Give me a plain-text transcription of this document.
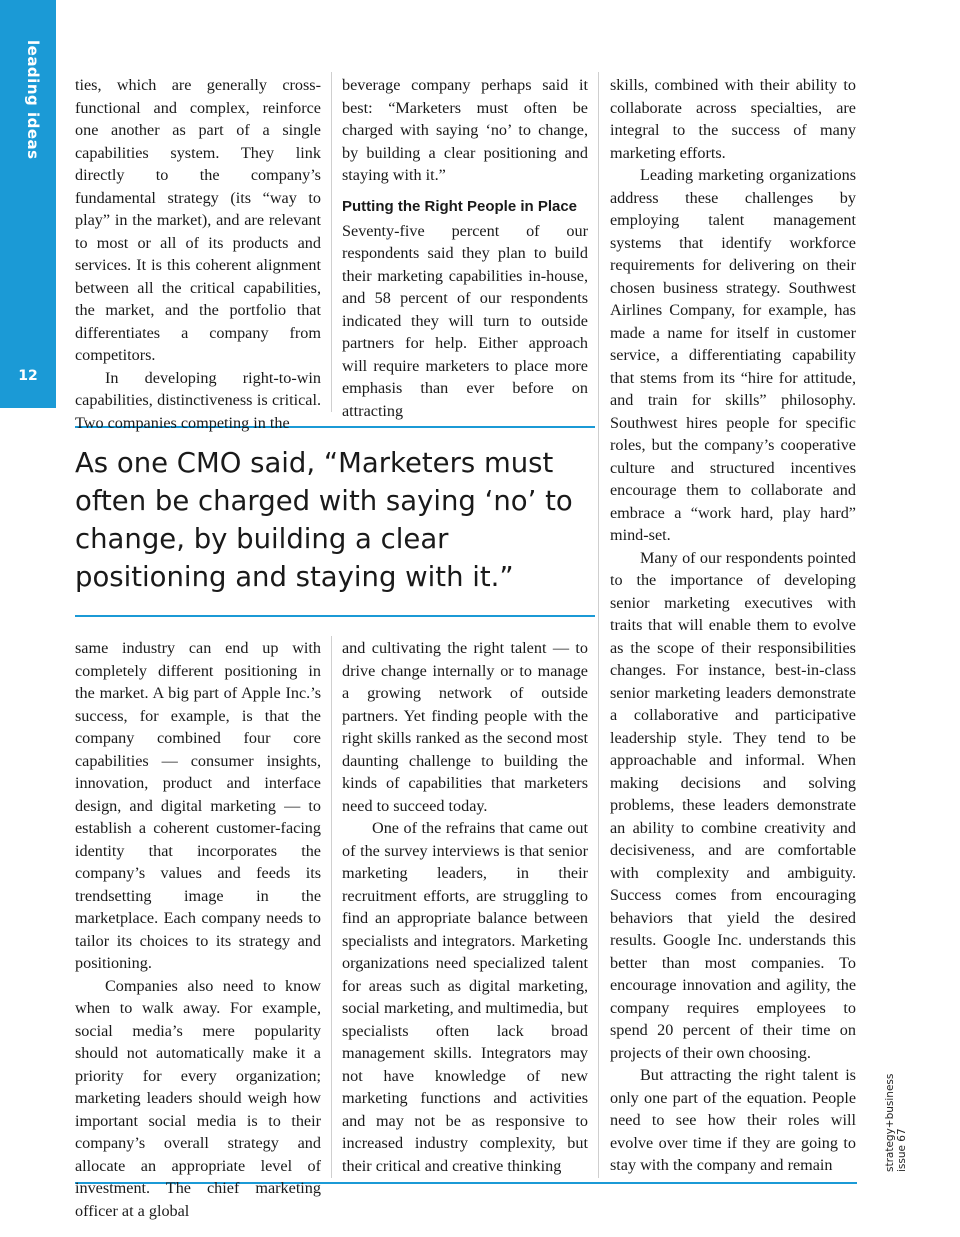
leading ideas
12

ties, which are generally cross-functional and complex, reinforce one another as part of a single capabilities system. They link directly to the company’s fundamental strategy (its “way to play” in the market), and are relevant to most or all of its products and services. It is this coherent alignment between all the critical capabilities, the market, and the portfolio that differentiates a company from competitors.

In developing right-to-win capabilities, distinctiveness is critical. Two companies competing in the

beverage company perhaps said it best: “Marketers must often be charged with saying ‘no’ to change, by building a clear positioning and staying with it.”

Putting the Right People in Place

Seventy-five percent of our respondents said they plan to build their marketing capabilities in-house, and 58 percent of our respondents indicated they will turn to outside partners for help. Either approach will require marketers to place more emphasis than ever before on attracting

As one CMO said, “Marketers must often be charged with saying ‘no’ to change, by building a clear positioning and staying with it.”

same industry can end up with completely different positioning in the market. A big part of Apple Inc.’s success, for example, is that the company combined four core capabilities — consumer insights, innovation, product and interface design, and digital marketing — to establish a coherent customer-facing identity that incorporates the company’s values and feeds its trendsetting image in the marketplace. Each company needs to tailor its choices to its strategy and positioning.

Companies also need to know when to walk away. For example, social media’s mere popularity should not automatically make it a priority for every organization; marketing leaders should weigh how important social media is to their company’s overall strategy and allocate an appropriate level of investment. The chief marketing officer at a global

and cultivating the right talent — to drive change internally or to manage a growing network of outside partners. Yet finding people with the right skills ranked as the second most daunting challenge to building the kinds of capabilities that marketers need to succeed today.

One of the refrains that came out of the survey interviews is that senior marketing leaders, in their recruitment efforts, are struggling to find an appropriate balance between specialists and integrators. Marketing organizations need specialized talent for areas such as digital marketing, social marketing, and multimedia, but specialists often lack broad management skills. Integrators may not have knowledge of new marketing functions and activities and may not be as responsive to increased industry complexity, but their critical and creative thinking

skills, combined with their ability to collaborate across specialties, are integral to the success of many marketing efforts.

Leading marketing organizations address these challenges by employing talent management systems that identify workforce requirements for delivering on their chosen business strategy. Southwest Airlines Company, for example, has made a name for itself in customer service, a differentiating capability that stems from its “hire for attitude, and train for skills” philosophy. Southwest hires people for specific roles, but the company’s cooperative culture and structured incentives encourage them to collaborate and embrace a “work hard, play hard” mind-set.

Many of our respondents pointed to the importance of developing senior marketing executives with traits that will enable them to evolve as the scope of their responsibilities changes. For instance, best-in-class senior marketing leaders demonstrate a collaborative and participative leadership style. They tend to be approachable and informal. When making decisions and solving problems, these leaders demonstrate an ability to combine creativity and decisiveness, and are comfortable with complexity and ambiguity. Success comes from encouraging behaviors that yield the desired results. Google Inc. understands this better than most companies. To encourage innovation and agility, the company requires employees to spend 20 percent of their time on projects of their own choosing.

But attracting the right talent is only one part of the equation. People need to see how their roles will evolve over time if they are going to stay with the company and remain	strategy+business issue 67
